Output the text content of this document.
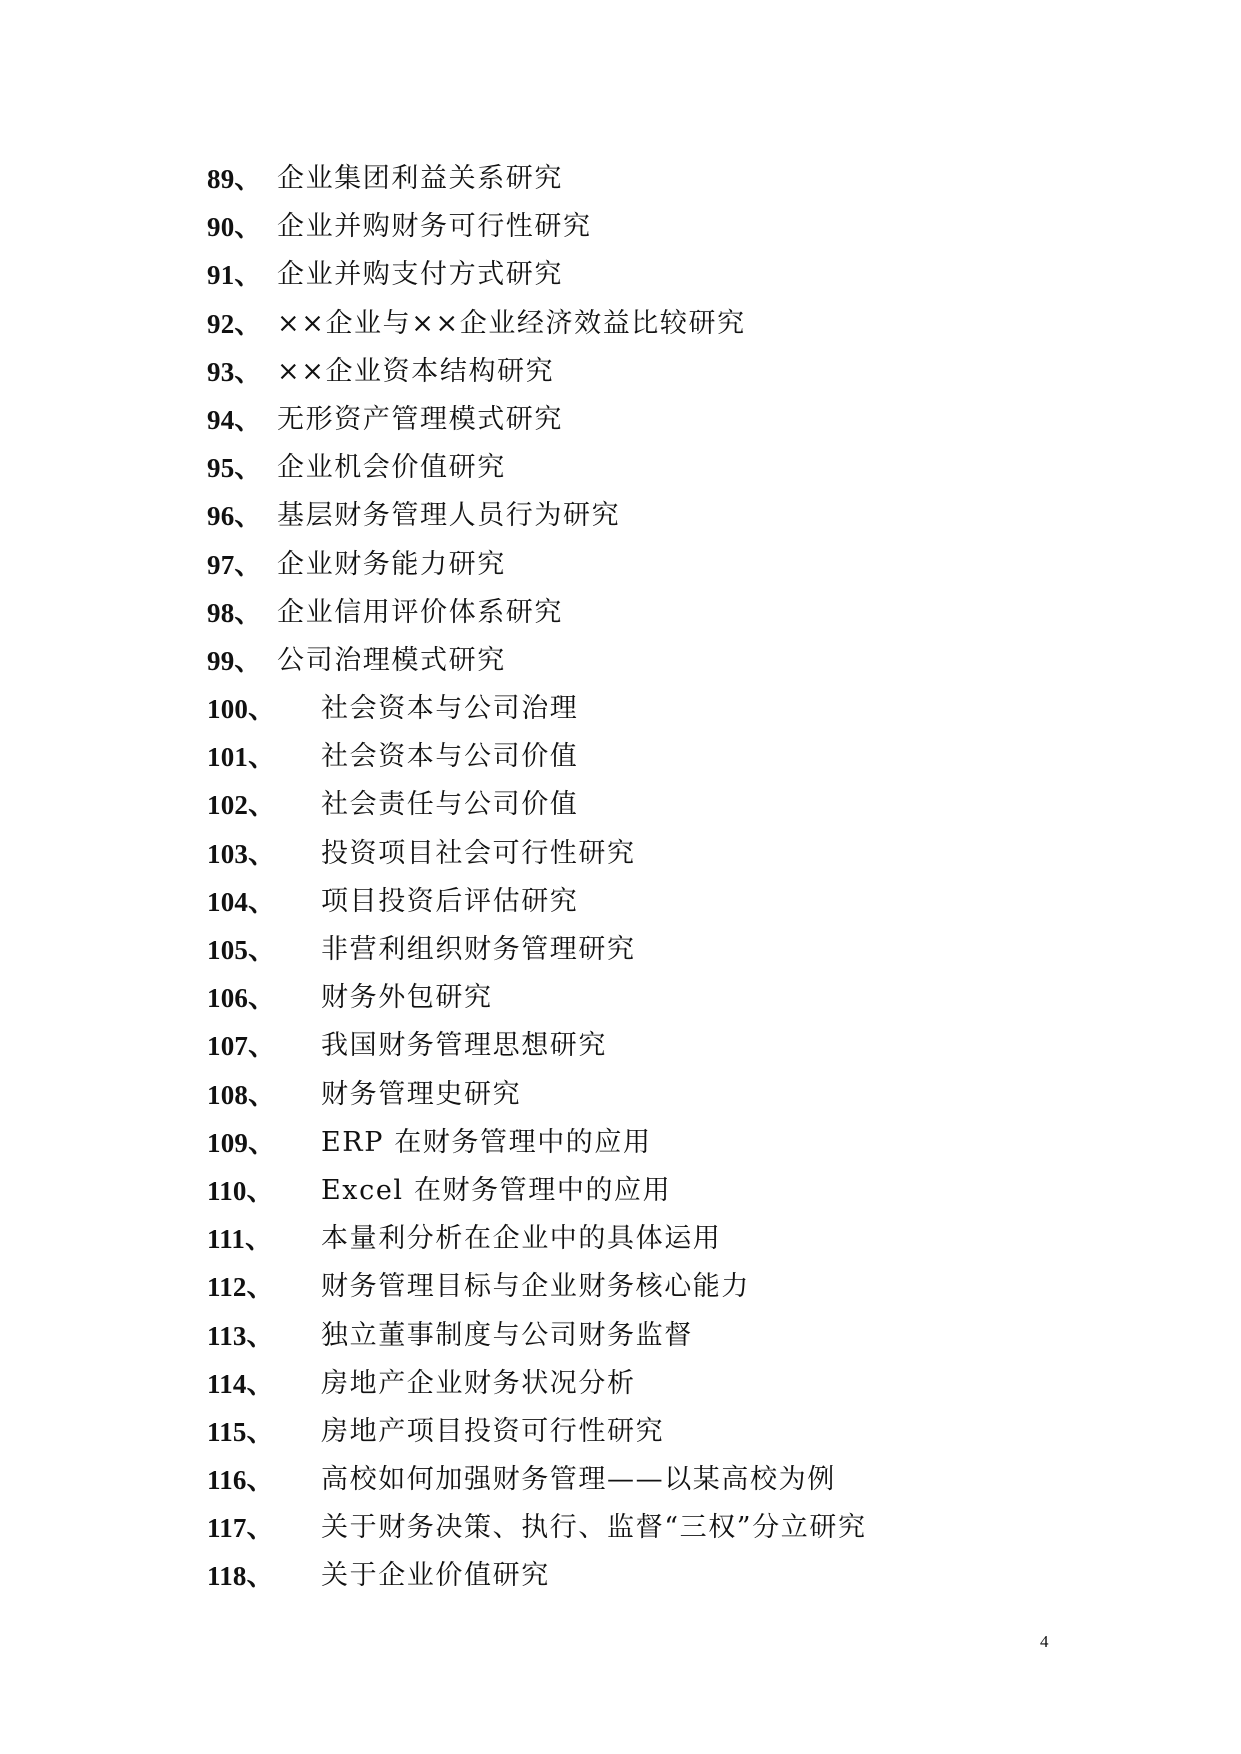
89、 企业集团利益关系研究
90、 企业并购财务可行性研究
91、 企业并购支付方式研究
92、 ××企业与××企业经济效益比较研究
93、 ××企业资本结构研究
94、 无形资产管理模式研究
95、 企业机会价值研究
96、 基层财务管理人员行为研究
97、 企业财务能力研究
98、 企业信用评价体系研究
99、 公司治理模式研究
100、 社会资本与公司治理
101、 社会资本与公司价值
102、 社会责任与公司价值
103、 投资项目社会可行性研究
104、 项目投资后评估研究
105、 非营利组织财务管理研究
106、 财务外包研究
107、 我国财务管理思想研究
108、 财务管理史研究
109、 ERP 在财务管理中的应用
110、 Excel 在财务管理中的应用
111、 本量利分析在企业中的具体运用
112、 财务管理目标与企业财务核心能力
113、 独立董事制度与公司财务监督
114、 房地产企业财务状况分析
115、 房地产项目投资可行性研究
116、 高校如何加强财务管理——以某高校为例
117、 关于财务决策、执行、监督“三权”分立研究
118、 关于企业价值研究
4
